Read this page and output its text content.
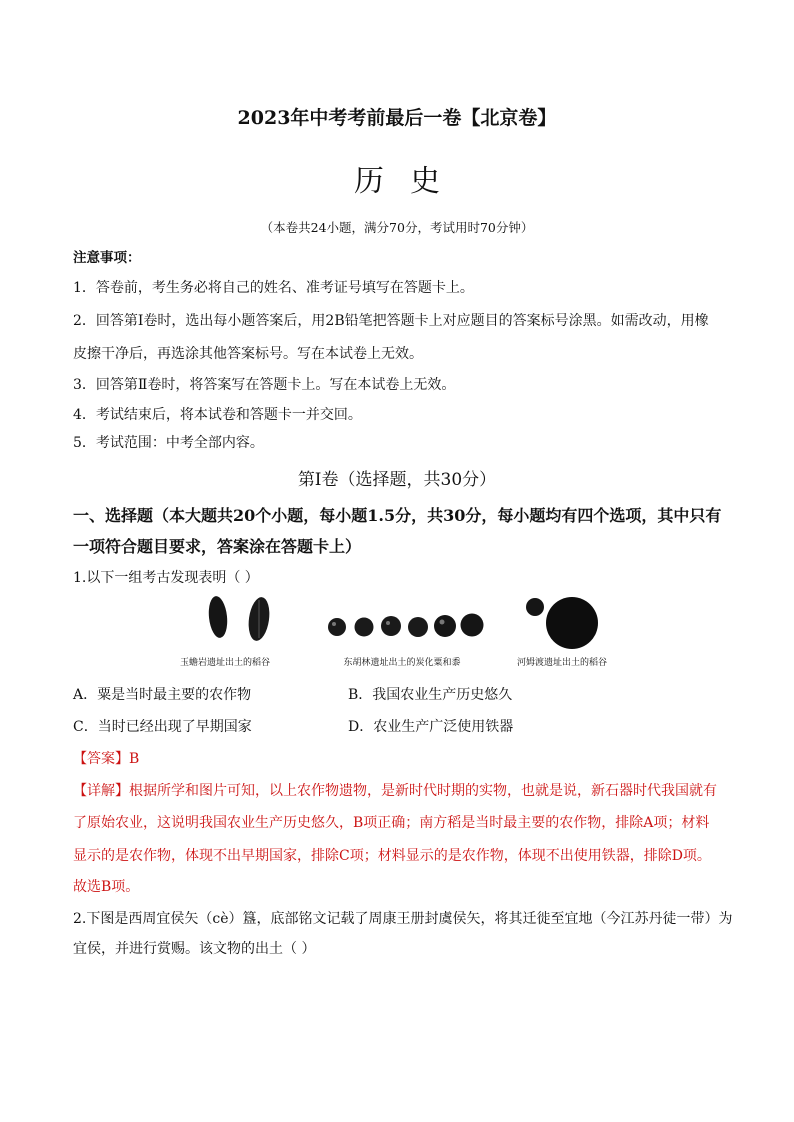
2023年中考考前最后一卷【北京卷】
历史
（本卷共24小题，满分70分，考试用时70分钟）
注意事项：
1．答卷前，考生务必将自己的姓名、准考证号填写在答题卡上。
2．回答第Ⅰ卷时，选出每小题答案后，用2B铅笔把答题卡上对应题目的答案标号涂黑。如需改动，用橡
皮擦干净后，再选涂其他答案标号。写在本试卷上无效。
3．回答第Ⅱ卷时，将答案写在答题卡上。写在本试卷上无效。
4．考试结束后，将本试卷和答题卡一并交回。
5．考试范围：中考全部内容。
第Ⅰ卷（选择题，共30分）
一、选择题（本大题共20个小题，每小题1.5分，共30分，每小题均有四个选项，其中只有
一项符合题目要求，答案涂在答题卡上）
1.以下一组考古发现表明（ ）
玉蟾岩遗址出土的稻谷	东胡林遗址出土的炭化粟和黍	河姆渡遗址出土的稻谷
A．粟是当时最主要的农作物	B．我国农业生产历史悠久
C．当时已经出现了早期国家	D．农业生产广泛使用铁器
【答案】B
【详解】根据所学和图片可知，以上农作物遗物，是新时代时期的实物，也就是说，新石器时代我国就有
了原始农业，这说明我国农业生产历史悠久，B项正确；南方稻是当时最主要的农作物，排除A项；材料
显示的是农作物，体现不出早期国家，排除C项；材料显示的是农作物，体现不出使用铁器，排除D项。
故选B项。
2.下图是西周宜侯矢（cè）簋，底部铭文记载了周康王册封虞侯矢，将其迁徙至宜地（今江苏丹徒一带）为
宜侯，并进行赏赐。该文物的出土（ ）
